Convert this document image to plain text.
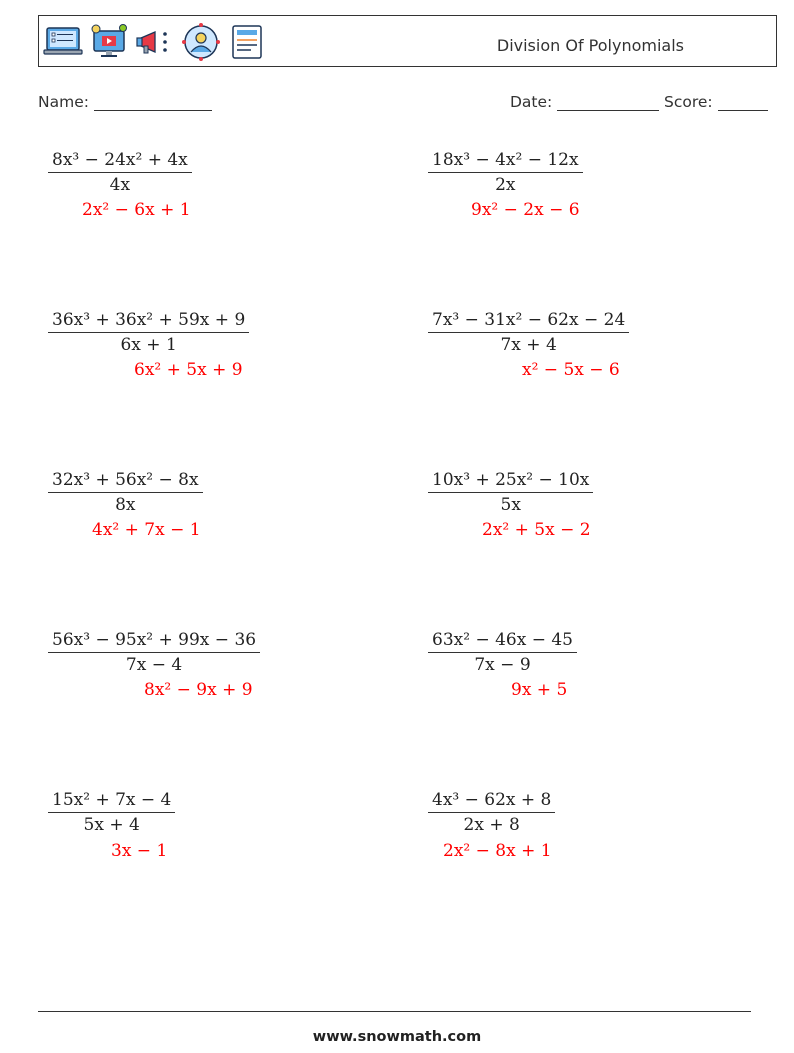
Division Of Polynomials
Name:	Date:	Score:
$\frac{\text{8x³ − 24x² + 4x}}{4x}$
2x² − 6x + 1
$\frac{\text{18x³ − 4x² − 12x}}{2x}$
9x² − 2x − 6
$\frac{\text{36x³ + 36x² + 59x + 9}}{6x + 1}$
6x² + 5x + 9
$\frac{\text{7x³ − 31x² − 62x − 24}}{7x + 4}$
x² − 5x − 6
$\frac{\text{32x³ + 56x² − 8x}}{8x}$
4x² + 7x − 1
$\frac{\text{10x³ + 25x² − 10x}}{5x}$
2x² + 5x − 2
$\frac{\text{56x³ − 95x² + 99x − 36}}{7x - 4}$
8x² − 9x + 9
$\frac{\text{63x² − 46x − 45}}{7x - 9}$
9x + 5
$\frac{\text{15x² + 7x − 4}}{5x + 4}$
3x − 1
$\frac{\text{4x³ − 62x + 8}}{2x + 8}$
2x² − 8x + 1
www.snowmath.com
